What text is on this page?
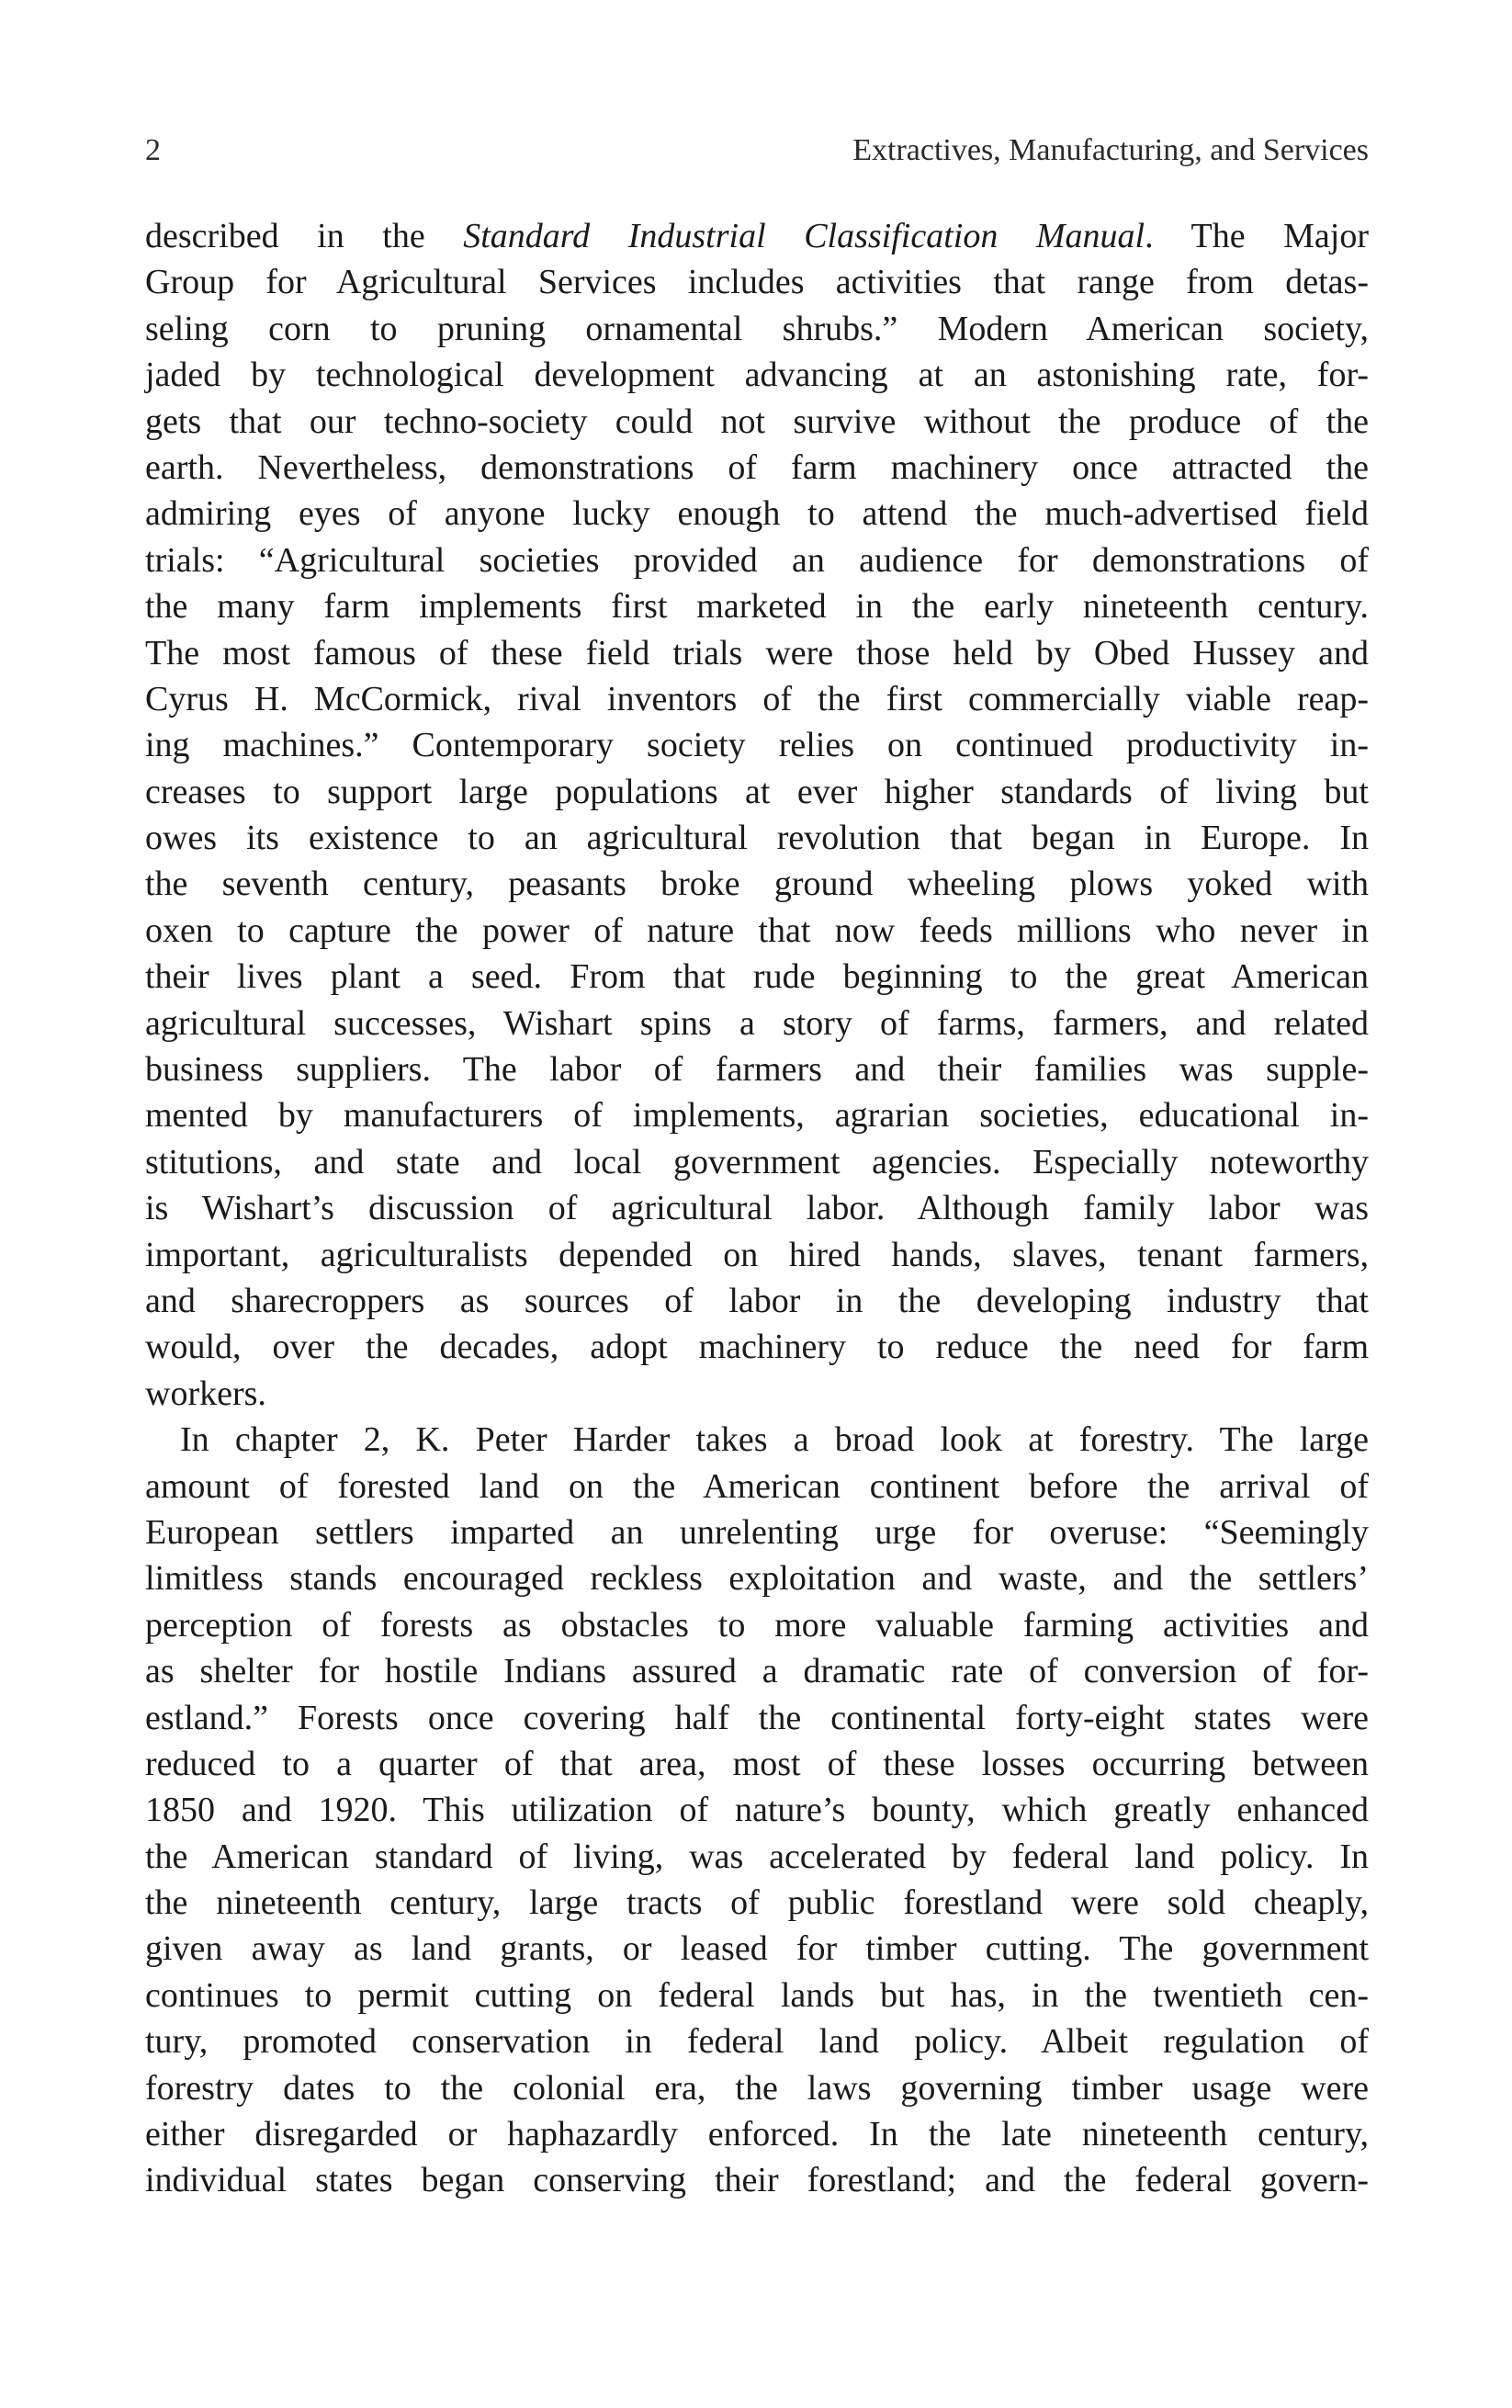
2	Extractives, Manufacturing, and Services
described in the Standard Industrial Classification Manual. The Major
Group for Agricultural Services includes activities that range from detas-
seling corn to pruning ornamental shrubs.” Modern American society,
jaded by technological development advancing at an astonishing rate, for-
gets that our techno-society could not survive without the produce of the
earth. Nevertheless, demonstrations of farm machinery once attracted the
admiring eyes of anyone lucky enough to attend the much-advertised field
trials: “Agricultural societies provided an audience for demonstrations of
the many farm implements first marketed in the early nineteenth century.
The most famous of these field trials were those held by Obed Hussey and
Cyrus H. McCormick, rival inventors of the first commercially viable reap-
ing machines.” Contemporary society relies on continued productivity in-
creases to support large populations at ever higher standards of living but
owes its existence to an agricultural revolution that began in Europe. In
the seventh century, peasants broke ground wheeling plows yoked with
oxen to capture the power of nature that now feeds millions who never in
their lives plant a seed. From that rude beginning to the great American
agricultural successes, Wishart spins a story of farms, farmers, and related
business suppliers. The labor of farmers and their families was supple-
mented by manufacturers of implements, agrarian societies, educational in-
stitutions, and state and local government agencies. Especially noteworthy
is Wishart’s discussion of agricultural labor. Although family labor was
important, agriculturalists depended on hired hands, slaves, tenant farmers,
and sharecroppers as sources of labor in the developing industry that
would, over the decades, adopt machinery to reduce the need for farm
workers.
In chapter 2, K. Peter Harder takes a broad look at forestry. The large
amount of forested land on the American continent before the arrival of
European settlers imparted an unrelenting urge for overuse: “Seemingly
limitless stands encouraged reckless exploitation and waste, and the settlers’
perception of forests as obstacles to more valuable farming activities and
as shelter for hostile Indians assured a dramatic rate of conversion of for-
estland.” Forests once covering half the continental forty-eight states were
reduced to a quarter of that area, most of these losses occurring between
1850 and 1920. This utilization of nature’s bounty, which greatly enhanced
the American standard of living, was accelerated by federal land policy. In
the nineteenth century, large tracts of public forestland were sold cheaply,
given away as land grants, or leased for timber cutting. The government
continues to permit cutting on federal lands but has, in the twentieth cen-
tury, promoted conservation in federal land policy. Albeit regulation of
forestry dates to the colonial era, the laws governing timber usage were
either disregarded or haphazardly enforced. In the late nineteenth century,
individual states began conserving their forestland; and the federal govern-
